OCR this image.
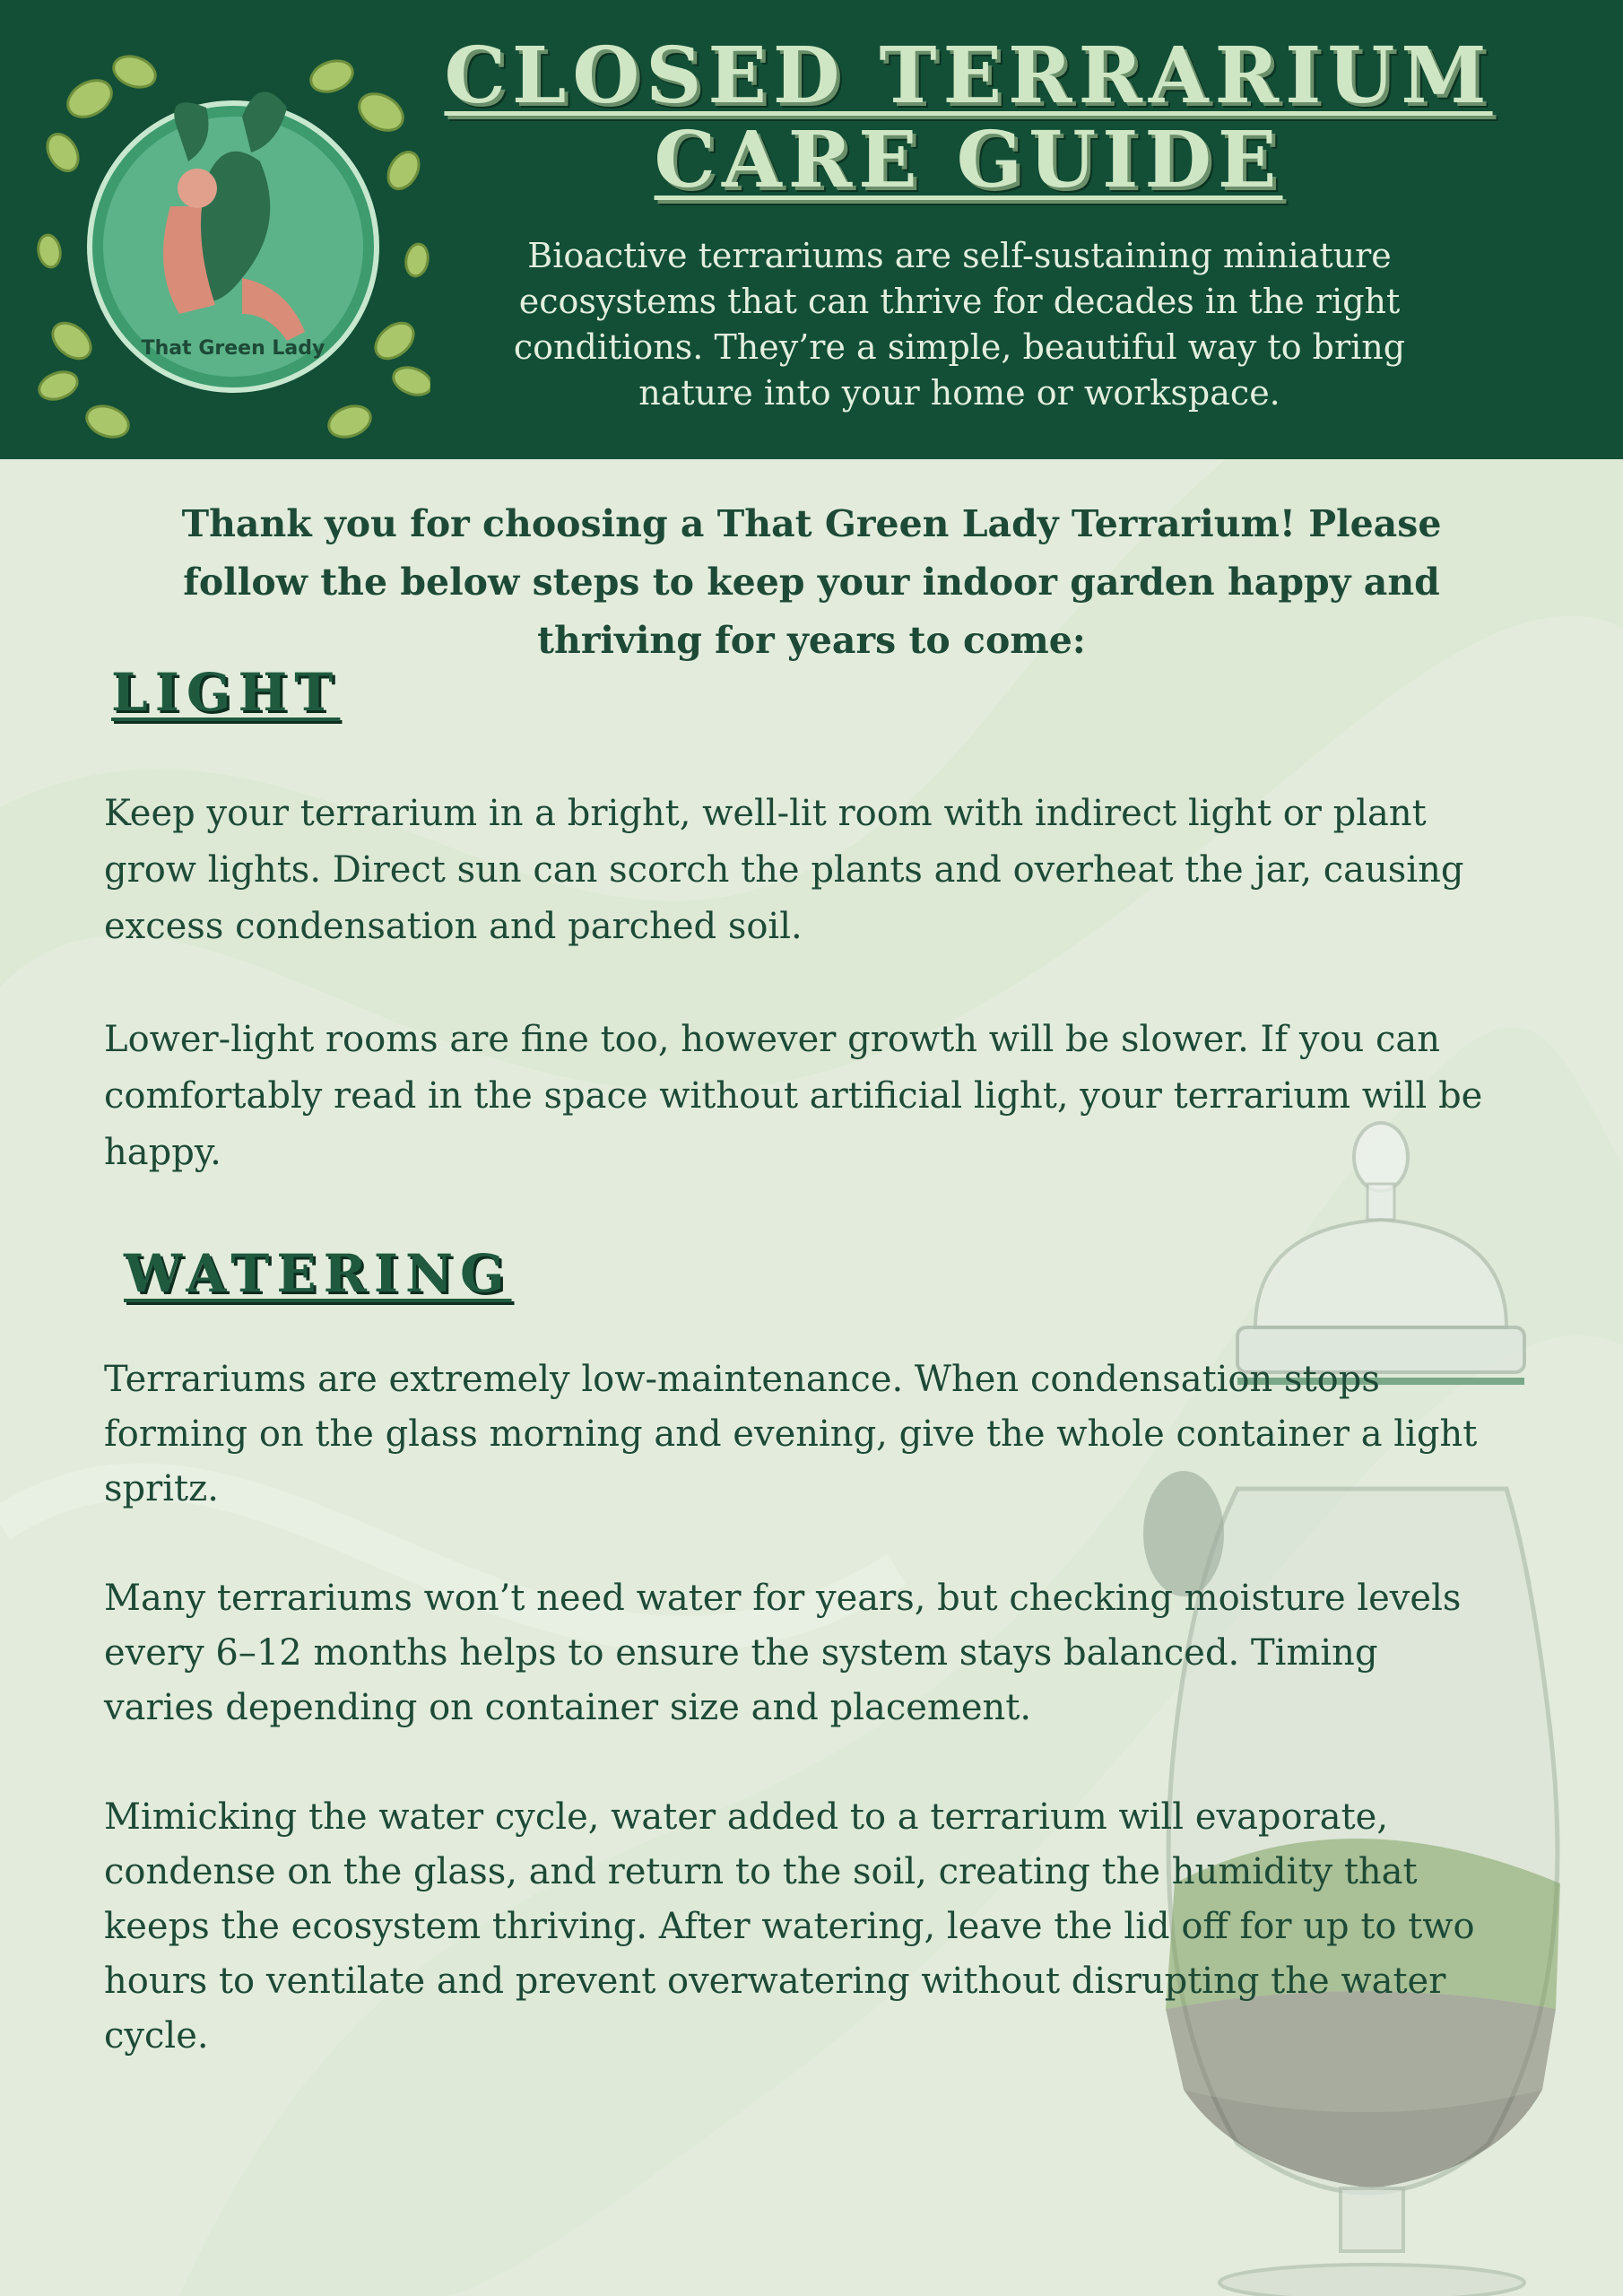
That Green Lady
CLOSED TERRARIUM
CARE GUIDE

Bioactive terrariums are self-sustaining miniature ecosystems that can thrive for decades in the right conditions. They’re a simple, beautiful way to bring nature into your home or workspace.

Thank you for choosing a That Green Lady Terrarium! Please follow the below steps to keep your indoor garden happy and thriving for years to come:

LIGHT

Keep your terrarium in a bright, well-lit room with indirect light or plant grow lights. Direct sun can scorch the plants and overheat the jar, causing excess condensation and parched soil.

Lower-light rooms are fine too, however growth will be slower. If you can comfortably read in the space without artificial light, your terrarium will be happy.

WATERING

Terrariums are extremely low-maintenance. When condensation stops forming on the glass morning and evening, give the whole container a light spritz.

Many terrariums won’t need water for years, but checking moisture levels every 6–12 months helps to ensure the system stays balanced. Timing varies depending on container size and placement.

Mimicking the water cycle, water added to a terrarium will evaporate, condense on the glass, and return to the soil, creating the humidity that keeps the ecosystem thriving. After watering, leave the lid off for up to two hours to ventilate and prevent overwatering without disrupting the water cycle.
